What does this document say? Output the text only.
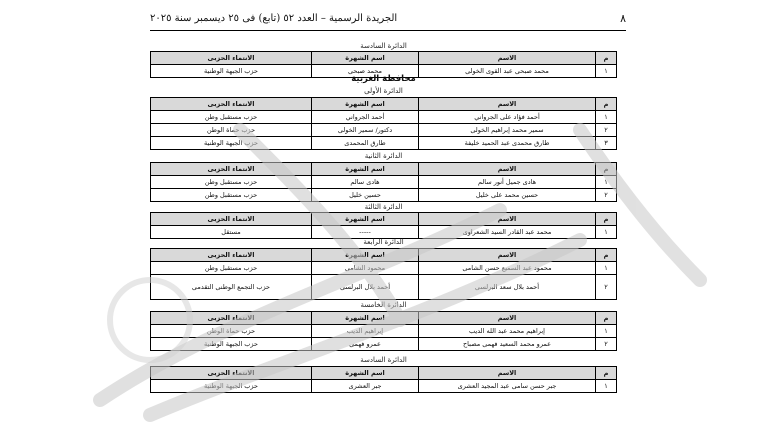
٨
الجريدة الرسمية – العدد ٥٢ (تابع) فى ٢٥ ديسمبر سنة ٢٠٢٥
الدائرة السادسة
م	الاسم	اسم الشهرة	الانتماء الحزبى
١	محمد صبحى عبد القوى الخولى	محمد صبحى	حزب الجبهة الوطنية
محافظة الغربية
الدائرة الأولى
م	الاسم	اسم الشهرة	الانتماء الحزبى
١	أحمد فؤاد على الجرواني	أحمد الجرواني	حزب مستقبل وطن
٢	سمير محمد إبراهيم الخولى	دكتور/ سمير الخولى	حزب حماة الوطن
٣	طارق محمدى عبد الحميد خليفة	طارق المحمدى	حزب الجبهة الوطنية
الدائرة الثانية
م	الاسم	اسم الشهرة	الانتماء الحزبى
١	هادى جميل أنور سالم	هادى سالم	حزب مستقبل وطن
٢	حسين محمد على خليل	حسين خليل	حزب مستقبل وطن
الدائرة الثالثة
م	الاسم	اسم الشهرة	الانتماء الحزبى
١	محمد عبد القادر السيد الشعراوى	-----	مستقل
الدائرة الرابعة
م	الاسم	اسم الشهرة	الانتماء الحزبى
١	محمود عبد السميع حسن الشامى	محمود الشامى	حزب مستقبل وطن
٢	أحمد بلال سعد البرلسى	أحمد بلال البرلسى	حزب التجمع الوطنى التقدمى
الدائرة الخامسة
م	الاسم	اسم الشهرة	الانتماء الحزبى
١	إبراهيم محمد عبد الله الديب	إبراهيم الديب	حزب حماة الوطن
٢	عمرو محمد السعيد فهمى مصباح	عمرو فهمى	حزب الجبهة الوطنية
الدائرة السادسة
م	الاسم	اسم الشهرة	الانتماء الحزبى
١	جبر حسن سامى عبد المجيد العشرى	جبر العشرى	حزب الجبهة الوطنية
